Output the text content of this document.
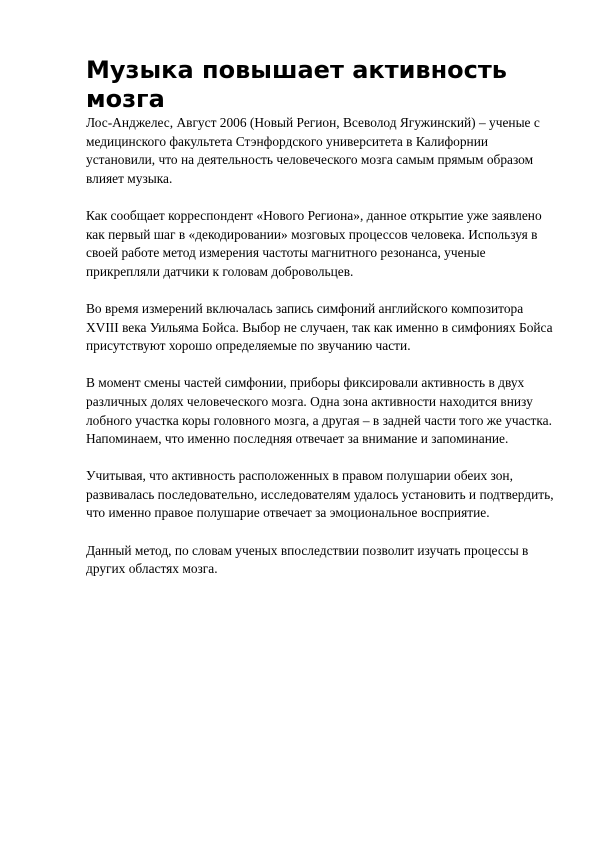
Музыка повышает активность мозга

Лос-Анджелес, Август 2006 (Новый Регион, Всеволод Ягужинский) – ученые с медицинского факультета Стэнфордского университета в Калифорнии установили, что на деятельность человеческого мозга самым прямым образом влияет музыка.

Как сообщает корреспондент «Нового Региона», данное открытие уже заявлено как первый шаг в «декодировании» мозговых процессов человека. Используя в своей работе метод измерения частоты магнитного резонанса, ученые прикрепляли датчики к головам добровольцев.

Во время измерений включалась запись симфоний английского композитора XVIII века Уильяма Бойса. Выбор не случаен, так как именно в симфониях Бойса присутствуют хорошо определяемые по звучанию части.

В момент смены частей симфонии, приборы фиксировали активность в двух различных долях человеческого мозга. Одна зона активности находится внизу лобного участка коры головного мозга, а другая – в задней части того же участка. Напоминаем, что именно последняя отвечает за внимание и запоминание.

Учитывая, что активность расположенных в правом полушарии обеих зон, развивалась последовательно, исследователям удалось установить и подтвердить, что именно правое полушарие отвечает за эмоциональное восприятие.

Данный метод, по словам ученых впоследствии позволит изучать процессы в других областях мозга.
